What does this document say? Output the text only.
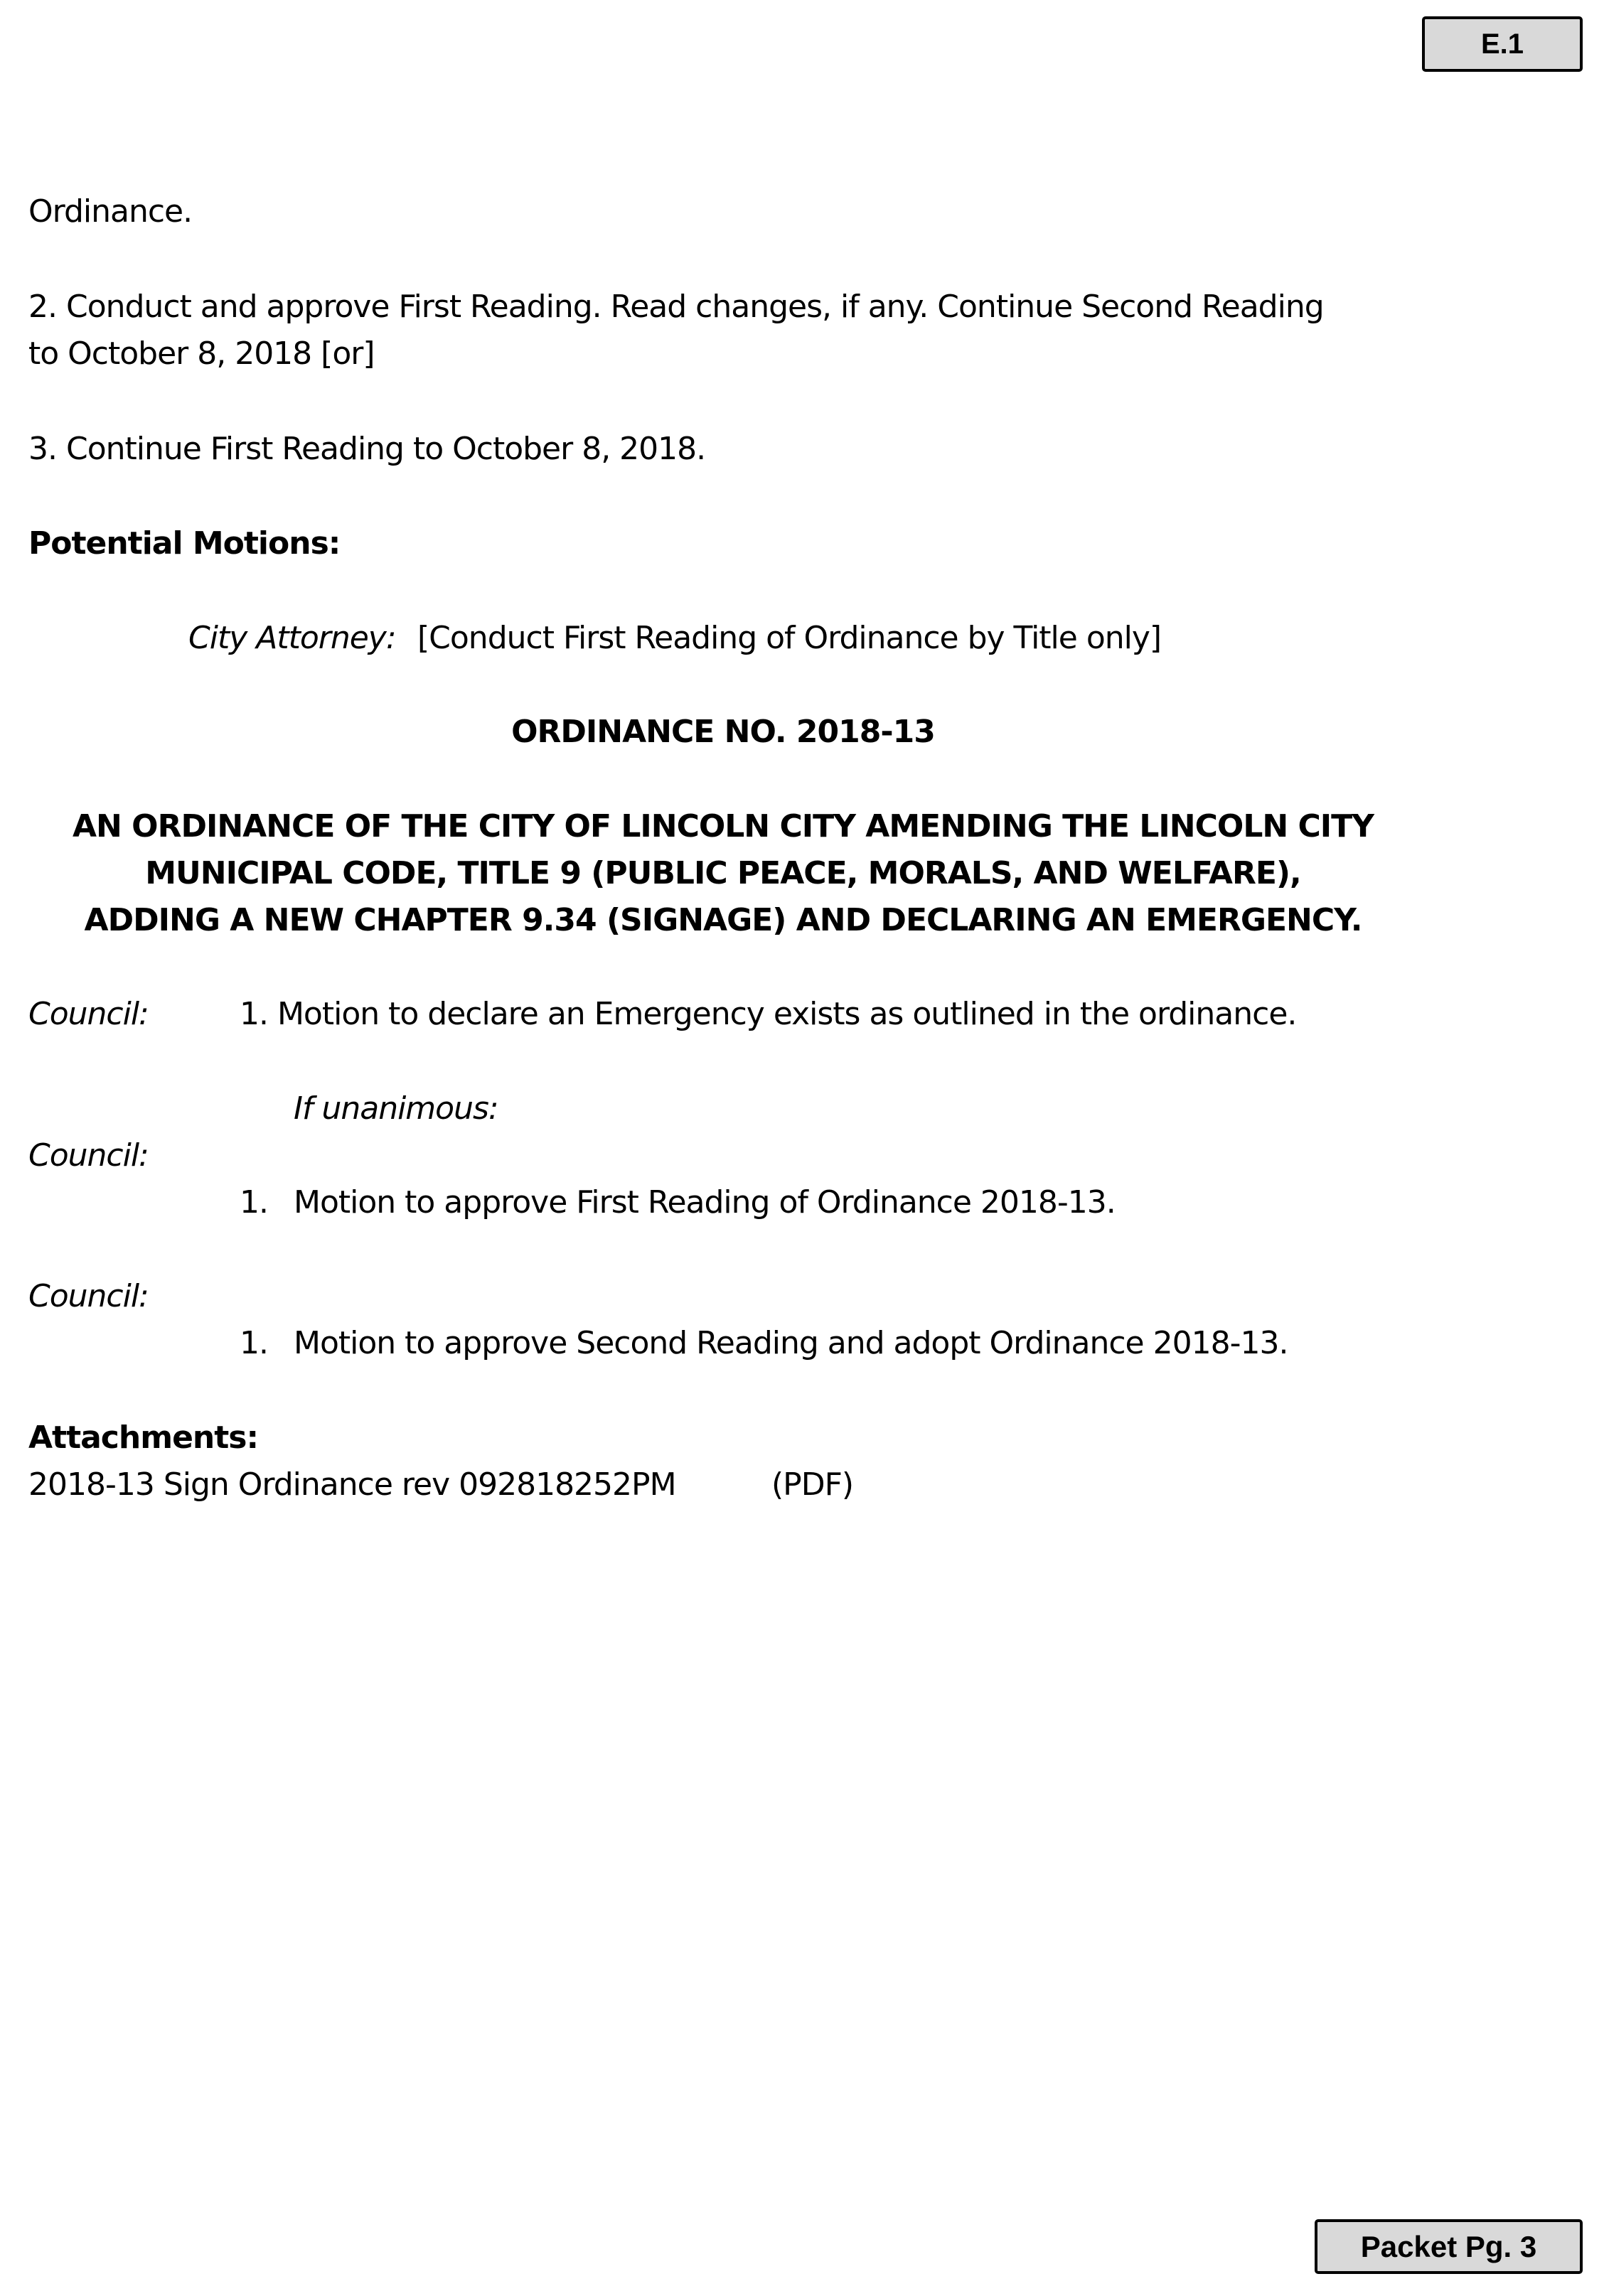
E.1
Ordinance.
2. Conduct and approve First Reading. Read changes, if any. Continue Second Reading
to October 8, 2018 [or]
3. Continue First Reading to October 8, 2018.
Potential Motions:
City Attorney: [Conduct First Reading of Ordinance by Title only]
ORDINANCE NO. 2018-13
AN ORDINANCE OF THE CITY OF LINCOLN CITY AMENDING THE LINCOLN CITY
MUNICIPAL CODE, TITLE 9 (PUBLIC PEACE, MORALS, AND WELFARE),
ADDING A NEW CHAPTER 9.34 (SIGNAGE) AND DECLARING AN EMERGENCY.
Council:	1. Motion to declare an Emergency exists as outlined in the ordinance.
If unanimous:
Council:
1. Motion to approve First Reading of Ordinance 2018-13.
Council:
1. Motion to approve Second Reading and adopt Ordinance 2018-13.
Attachments:
2018-13 Sign Ordinance rev 092818252PM	(PDF)
Packet Pg. 3
